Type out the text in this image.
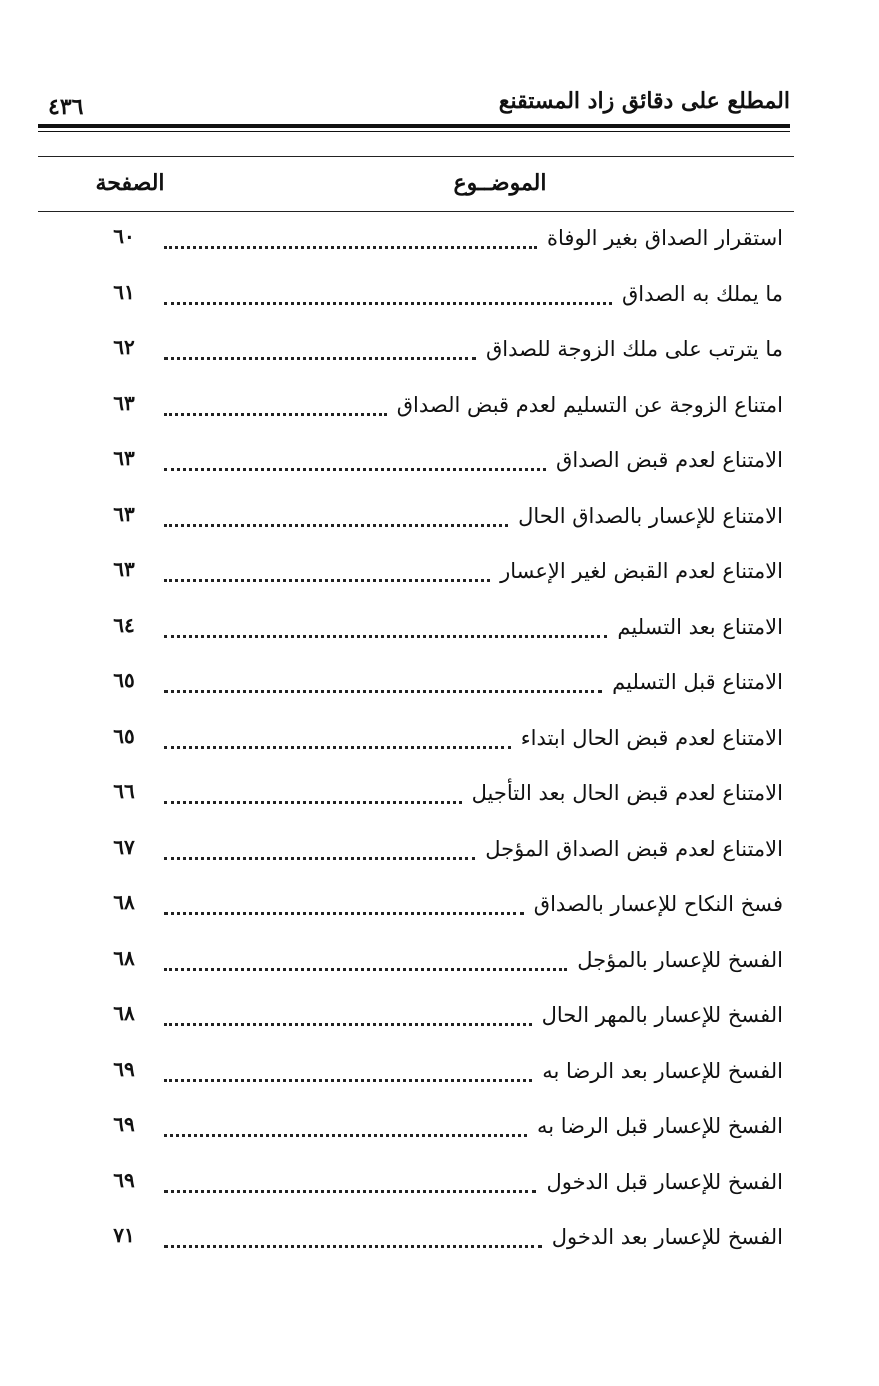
المطلع على دقائق زاد المستقنع
٤٣٦
الموضــوع
الصفحة
استقرار الصداق بغير الوفاة
٦٠
ما يملك به الصداق
٦١
ما يترتب على ملك الزوجة للصداق
٦٢
امتناع الزوجة عن التسليم لعدم قبض الصداق
٦٣
الامتناع لعدم قبض الصداق
٦٣
الامتناع للإعسار بالصداق الحال
٦٣
الامتناع لعدم القبض لغير الإعسار
٦٣
الامتناع بعد التسليم
٦٤
الامتناع قبل التسليم
٦٥
الامتناع لعدم قبض الحال ابتداء
٦٥
الامتناع لعدم قبض الحال بعد التأجيل
٦٦
الامتناع لعدم قبض الصداق المؤجل
٦٧
فسخ النكاح للإعسار بالصداق
٦٨
الفسخ للإعسار بالمؤجل
٦٨
الفسخ للإعسار بالمهر الحال
٦٨
الفسخ للإعسار بعد الرضا به
٦٩
الفسخ للإعسار قبل الرضا به
٦٩
الفسخ للإعسار قبل الدخول
٦٩
الفسخ للإعسار بعد الدخول
٧١
